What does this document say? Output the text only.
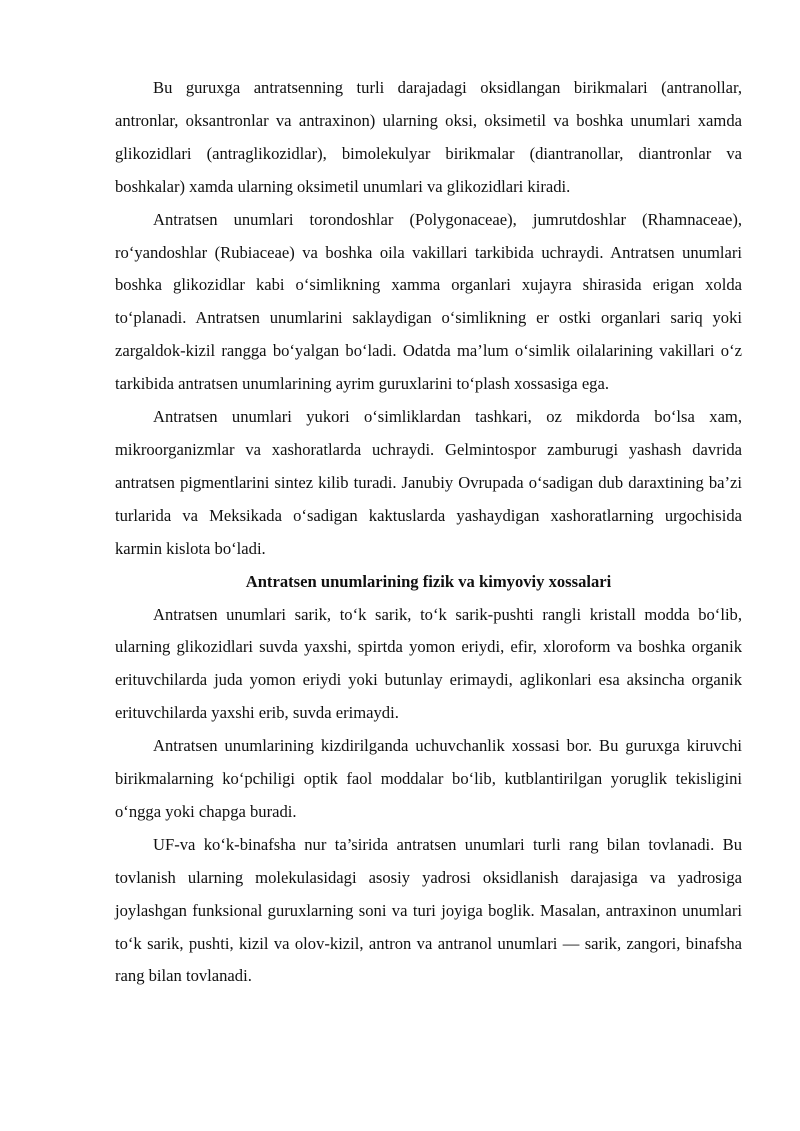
Bu guruxga antratsenning turli darajadagi oksidlangan birikmalari (antranollar, antronlar, oksantronlar va antraxinon) ularning oksi, oksimetil va boshka unumlari xamda glikozidlari (antraglikozidlar), bimolekulyar birikmalar (diantranollar, diantronlar va boshkalar) xamda ularning oksimetil unumlari va glikozidlari kiradi.

Antratsen unumlari torondoshlar (Polygonaceae), jumrutdoshlar (Rhamnaceae), ro‘yandoshlar (Rubiaceae) va boshka oila vakillari tarkibida uchraydi. Antratsen unumlari boshka glikozidlar kabi o‘simlikning xamma organlari xujayra shirasida erigan xolda to‘planadi. Antratsen unumlarini saklaydigan o‘simlikning er ostki organlari sariq yoki zargaldok-kizil rangga bo‘yalgan bo‘ladi. Odatda ma’lum o‘simlik oilalarining vakillari o‘z tarkibida antratsen unumlarining ayrim guruxlarini to‘plash xossasiga ega.

Antratsen unumlari yukori o‘simliklardan tashkari, oz mikdorda bo‘lsa xam, mikroorganizmlar va xashoratlarda uchraydi. Gelmintospor zamburugi yashash davrida antratsen pigmentlarini sintez kilib turadi. Janubiy Ovrupada o‘sadigan dub daraxtining ba’zi turlarida va Meksikada o‘sadigan kaktuslarda yashaydigan xashoratlarning urgochisida karmin kislota bo‘ladi.

Antratsen unumlarining fizik va kimyoviy xossalari

Antratsen unumlari sarik, to‘k sarik, to‘k sarik-pushti rangli kristall modda bo‘lib, ularning glikozidlari suvda yaxshi, spirtda yomon eriydi, efir, xloroform va boshka organik erituvchilarda juda yomon eriydi yoki butunlay erimaydi, aglikonlari esa aksincha organik erituvchilarda yaxshi erib, suvda erimaydi.

Antratsen unumlarining kizdirilganda uchuvchanlik xossasi bor. Bu guruxga kiruvchi birikmalarning ko‘pchiligi optik faol moddalar bo‘lib, kutblantirilgan yoruglik tekisligini o‘ngga yoki chapga buradi.

UF-va ko‘k-binafsha nur ta’sirida antratsen unumlari turli rang bilan tovlanadi. Bu tovlanish ularning molekulasidagi asosiy yadrosi oksidlanish darajasiga va yadrosiga joylashgan funksional guruxlarning soni va turi joyiga boglik. Masalan, antraxinon unumlari to‘k sarik, pushti, kizil va olov-kizil, antron va antranol unumlari — sarik, zangori, binafsha rang bilan tovlanadi.
